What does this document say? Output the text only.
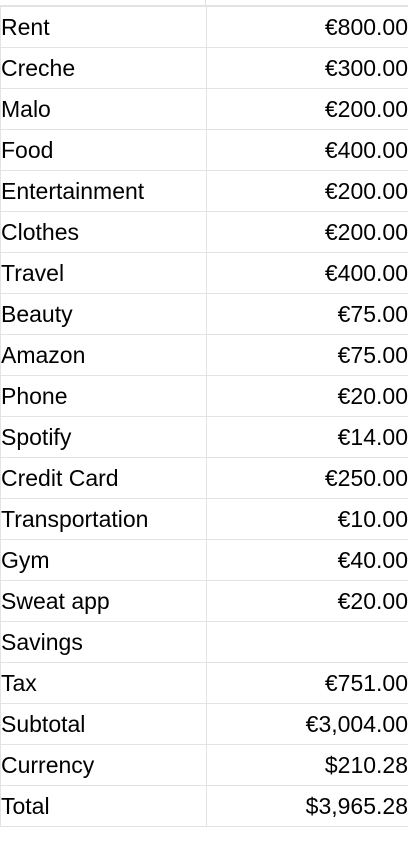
Rent	€800.00
Creche	€300.00
Malo	€200.00
Food	€400.00
Entertainment	€200.00
Clothes	€200.00
Travel	€400.00
Beauty	€75.00
Amazon	€75.00
Phone	€20.00
Spotify	€14.00
Credit Card	€250.00
Transportation	€10.00
Gym	€40.00
Sweat app	€20.00
Savings	
Tax	€751.00
Subtotal	€3,004.00
Currency	$210.28
Total	$3,965.28
